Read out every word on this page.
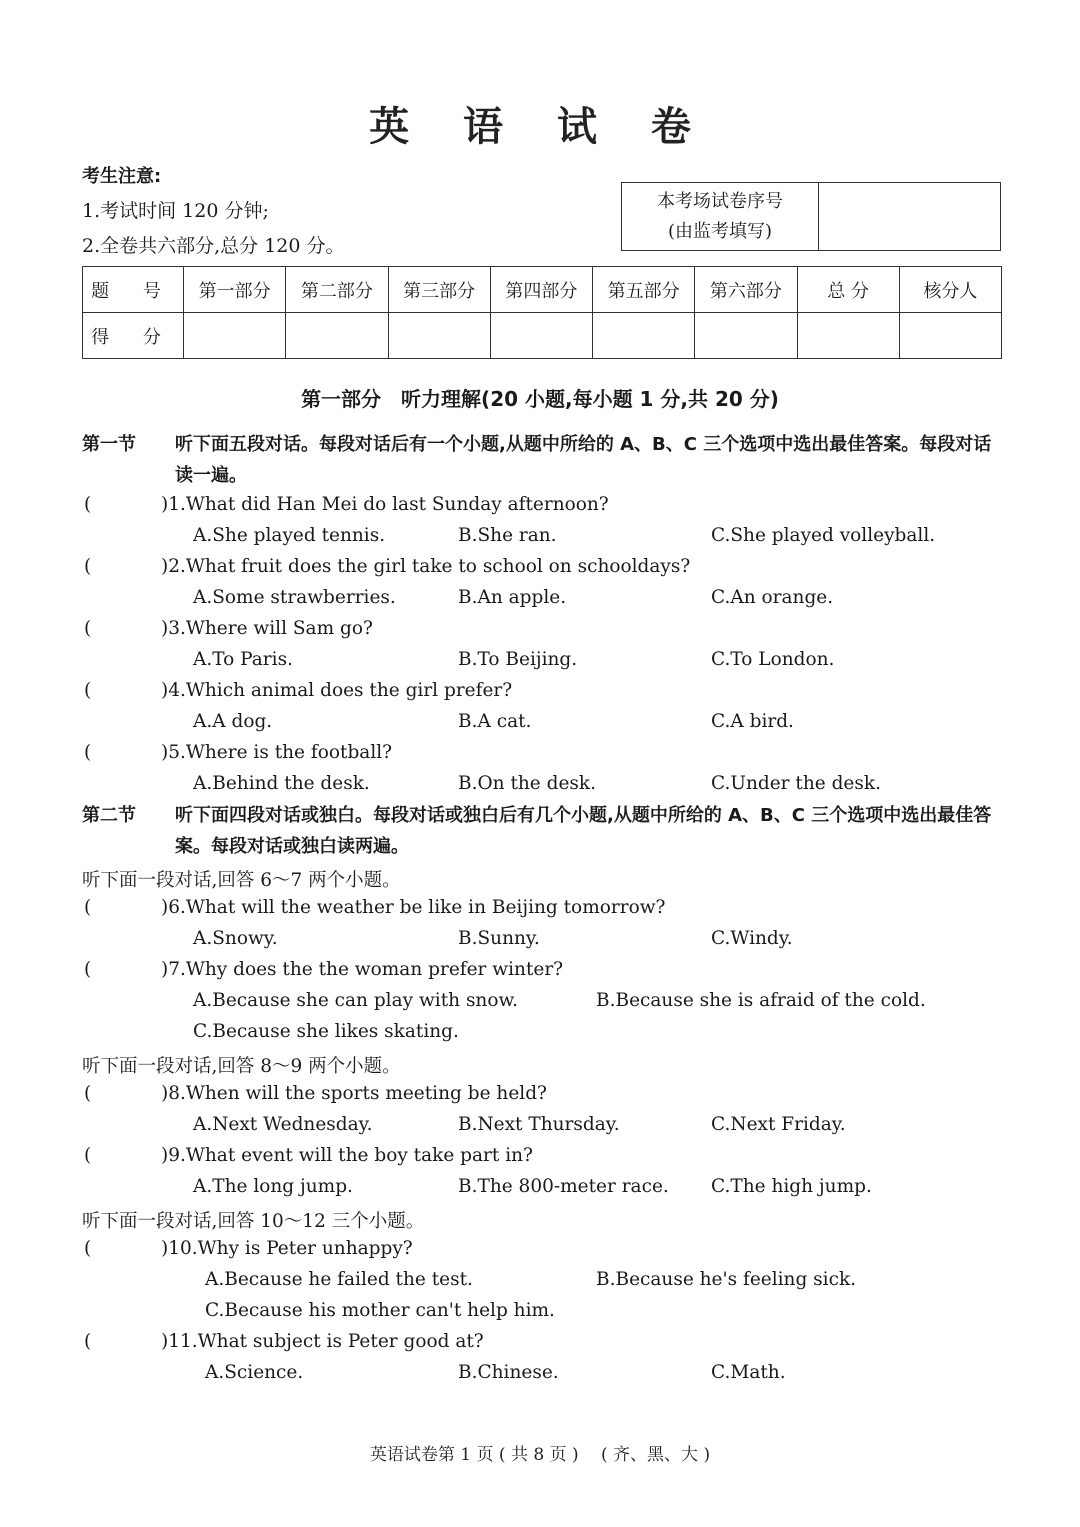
英 语 试 卷
考生注意:
1.考试时间 120 分钟;
2.全卷共六部分,总分 120 分。
本考场试卷序号
(由监考填写)
题 号	第一部分	第二部分	第三部分	第四部分	第五部分	第六部分	总 分	核分人
得 分								
第一部分　听力理解(20 小题,每小题 1 分,共 20 分)
第一节 听下面五段对话。每段对话后有一个小题,从题中所给的 A、B、C 三个选项中选出最佳答案。每段对话读一遍。
(	)1.What did Han Mei do last Sunday afternoon?
A.She played tennis.	B.She ran.	C.She played volleyball.
(	)2.What fruit does the girl take to school on schooldays?
A.Some strawberries.	B.An apple.	C.An orange.
(	)3.Where will Sam go?
A.To Paris.	B.To Beijing.	C.To London.
(	)4.Which animal does the girl prefer?
A.A dog.	B.A cat.	C.A bird.
(	)5.Where is the football?
A.Behind the desk.	B.On the desk.	C.Under the desk.
第二节 听下面四段对话或独白。每段对话或独白后有几个小题,从题中所给的 A、B、C 三个选项中选出最佳答案。每段对话或独白读两遍。
听下面一段对话,回答 6～7 两个小题。
(	)6.What will the weather be like in Beijing tomorrow?
A.Snowy.	B.Sunny.	C.Windy.
(	)7.Why does the the woman prefer winter?
A.Because she can play with snow.	B.Because she is afraid of the cold.
C.Because she likes skating.
听下面一段对话,回答 8～9 两个小题。
(	)8.When will the sports meeting be held?
A.Next Wednesday.	B.Next Thursday.	C.Next Friday.
(	)9.What event will the boy take part in?
A.The long jump.	B.The 800-meter race. C.The high jump.
听下面一段对话,回答 10～12 三个小题。
(	)10.Why is Peter unhappy?
A.Because he failed the test.	B.Because he's feeling sick.
C.Because his mother can't help him.
(	)11.What subject is Peter good at?
A.Science.	B.Chinese.	C.Math.
英语试卷第 1 页 ( 共 8 页 )　 ( 齐、黑、大 )
